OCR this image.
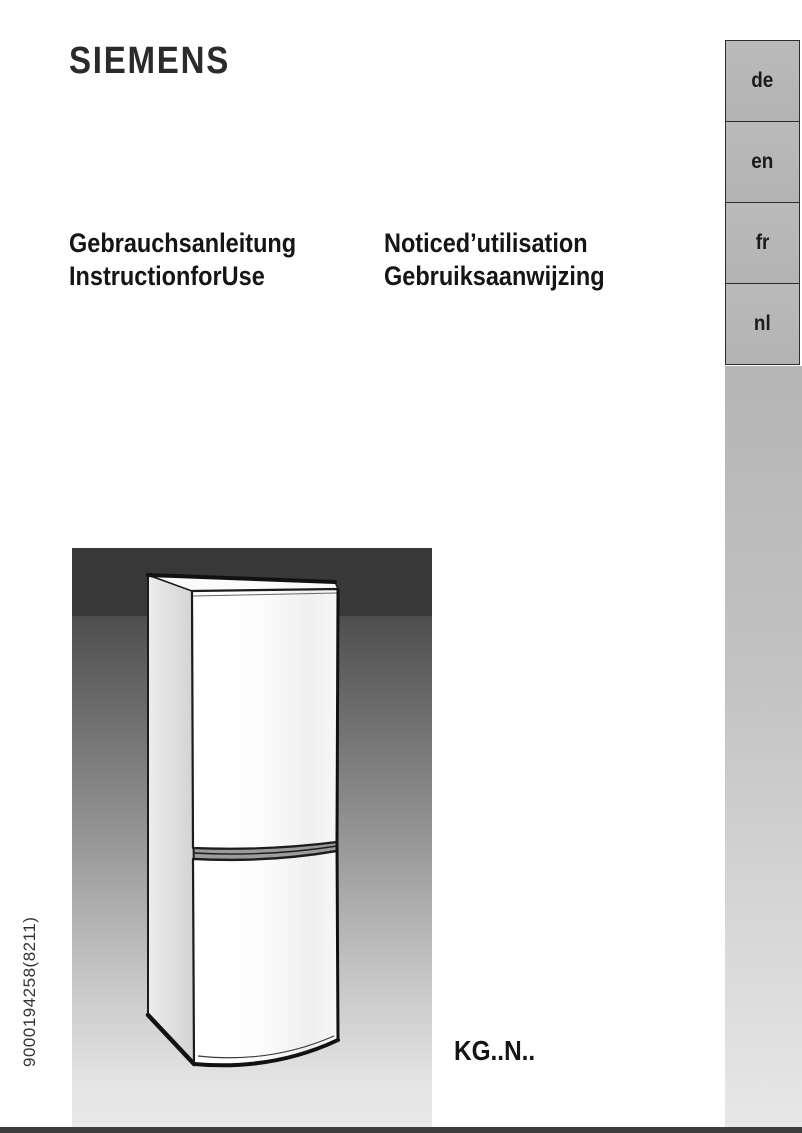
SIEMENS
Gebrauchsanleitung
InstructionforUse
Noticed’utilisation
Gebruiksaanwijzing
de
en
fr
nl
KG..N..
9000194258(8211)
